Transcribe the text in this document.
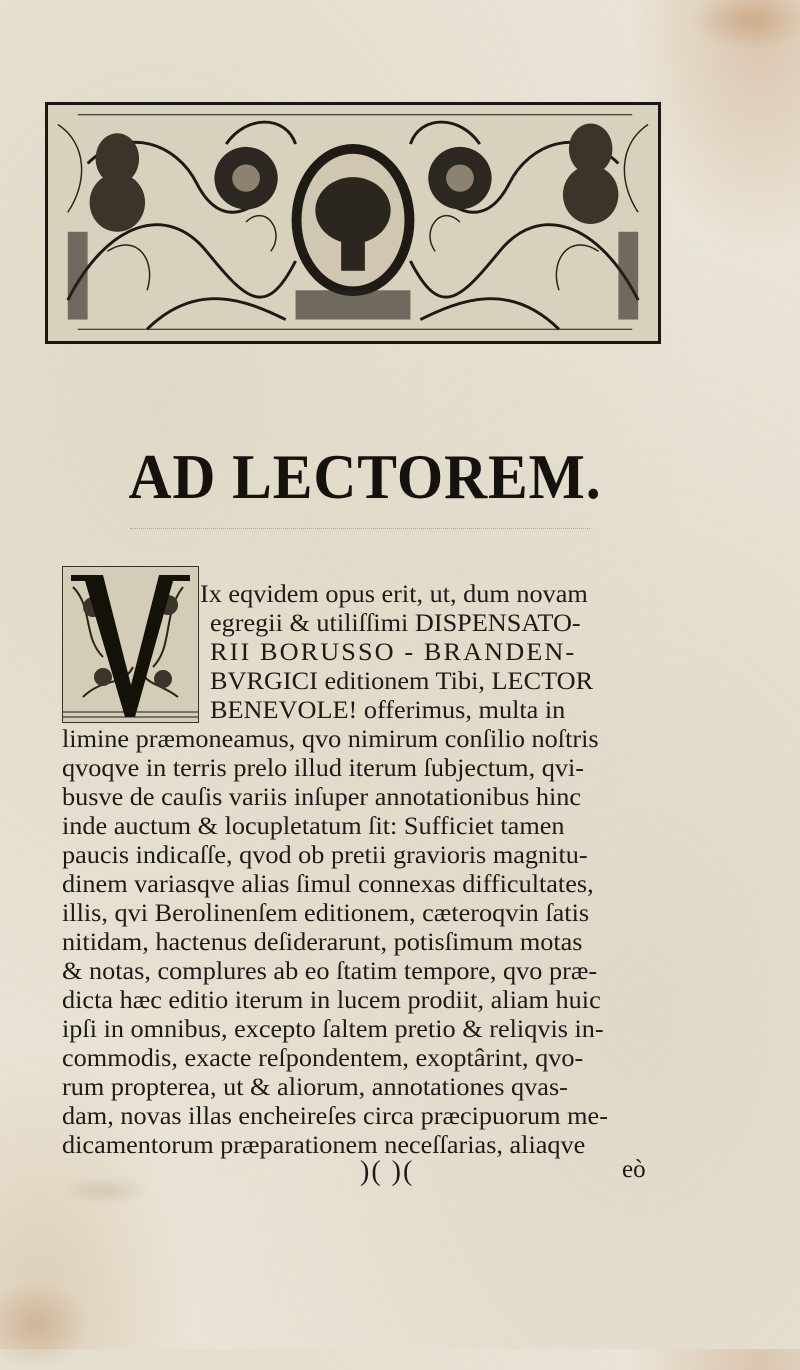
AD LECTOREM.
Ix eqvidem opus erit, ut, dum novam
egregii & utiliſſimi DISPENSATO-
RII BORUSSO - BRANDEN-
BVRGICI editionem Tibi, LECTOR
BENEVOLE! offerimus, multa in
limine præmoneamus, qvo nimirum conſilio noſtris
qvoqve in terris prelo illud iterum ſubjectum, qvi-
busve de cauſis variis inſuper annotationibus hinc
inde auctum & locupletatum ſit: Sufficiet tamen
paucis indicaſſe, qvod ob pretii gravioris magnitu-
dinem variasqve alias ſimul connexas difficultates,
illis, qvi Berolinenſem editionem, cæteroqvin ſatis
nitidam, hactenus deſiderarunt, potisſimum motas
& notas, complures ab eo ſtatim tempore, qvo præ-
dicta hæc editio iterum in lucem prodiit, aliam huic
ipſi in omnibus, excepto ſaltem pretio & reliqvis in-
commodis, exacte reſpondentem, exoptârint, qvo-
rum propterea, ut & aliorum, annotationes qvas-
dam, novas illas encheireſes circa præcipuorum me-
dicamentorum præparationem neceſſarias, aliaqve
)( )(	eò
